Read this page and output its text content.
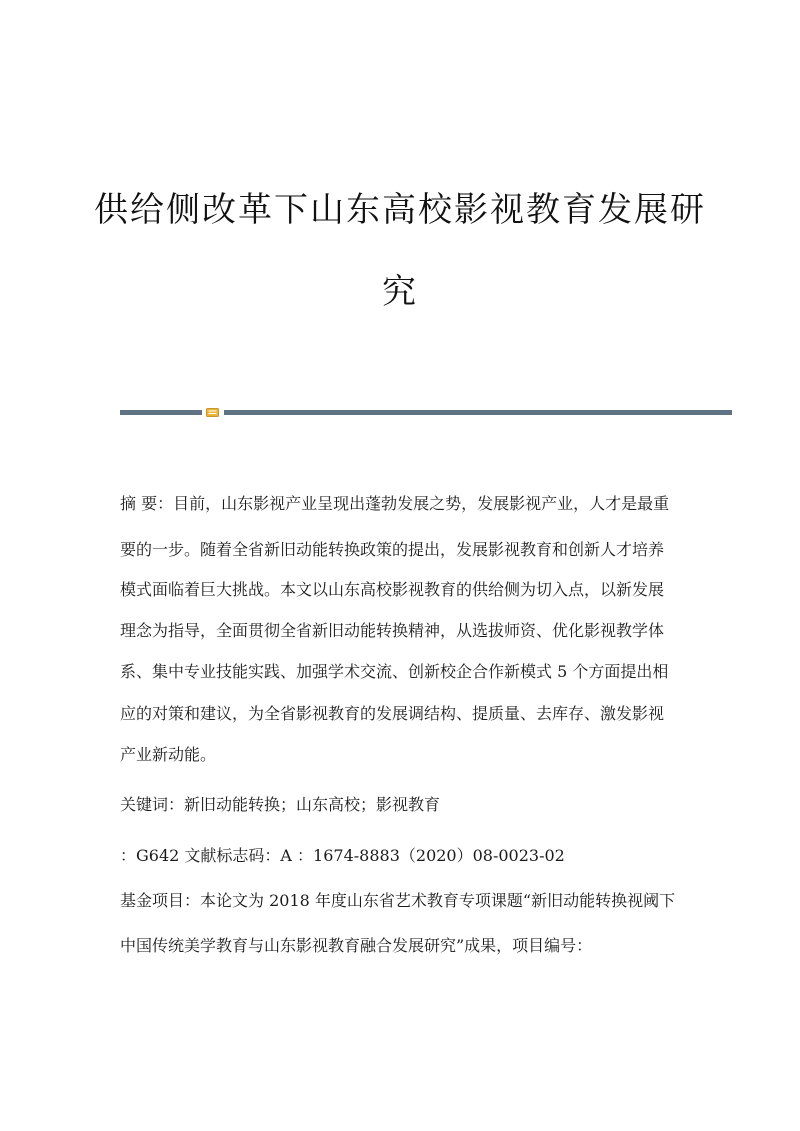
供给侧改革下山东高校影视教育发展研
究
摘 要：目前，山东影视产业呈现出蓬勃发展之势，发展影视产业，人才是最重
要的一步。随着全省新旧动能转换政策的提出，发展影视教育和创新人才培养
模式面临着巨大挑战。本文以山东高校影视教育的供给侧为切入点，以新发展
理念为指导，全面贯彻全省新旧动能转换精神，从选拔师资、优化影视教学体
系、集中专业技能实践、加强学术交流、创新校企合作新模式 5 个方面提出相
应的对策和建议，为全省影视教育的发展调结构、提质量、去库存、激发影视
产业新动能。
关键词：新旧动能转换；山东高校；影视教育
：G642 文献标志码：A ：1674-8883（2020）08-0023-02
基金项目：本论文为 2018 年度山东省艺术教育专项课题“新旧动能转换视阈下
中国传统美学教育与山东影视教育融合发展研究”成果，项目编号：
